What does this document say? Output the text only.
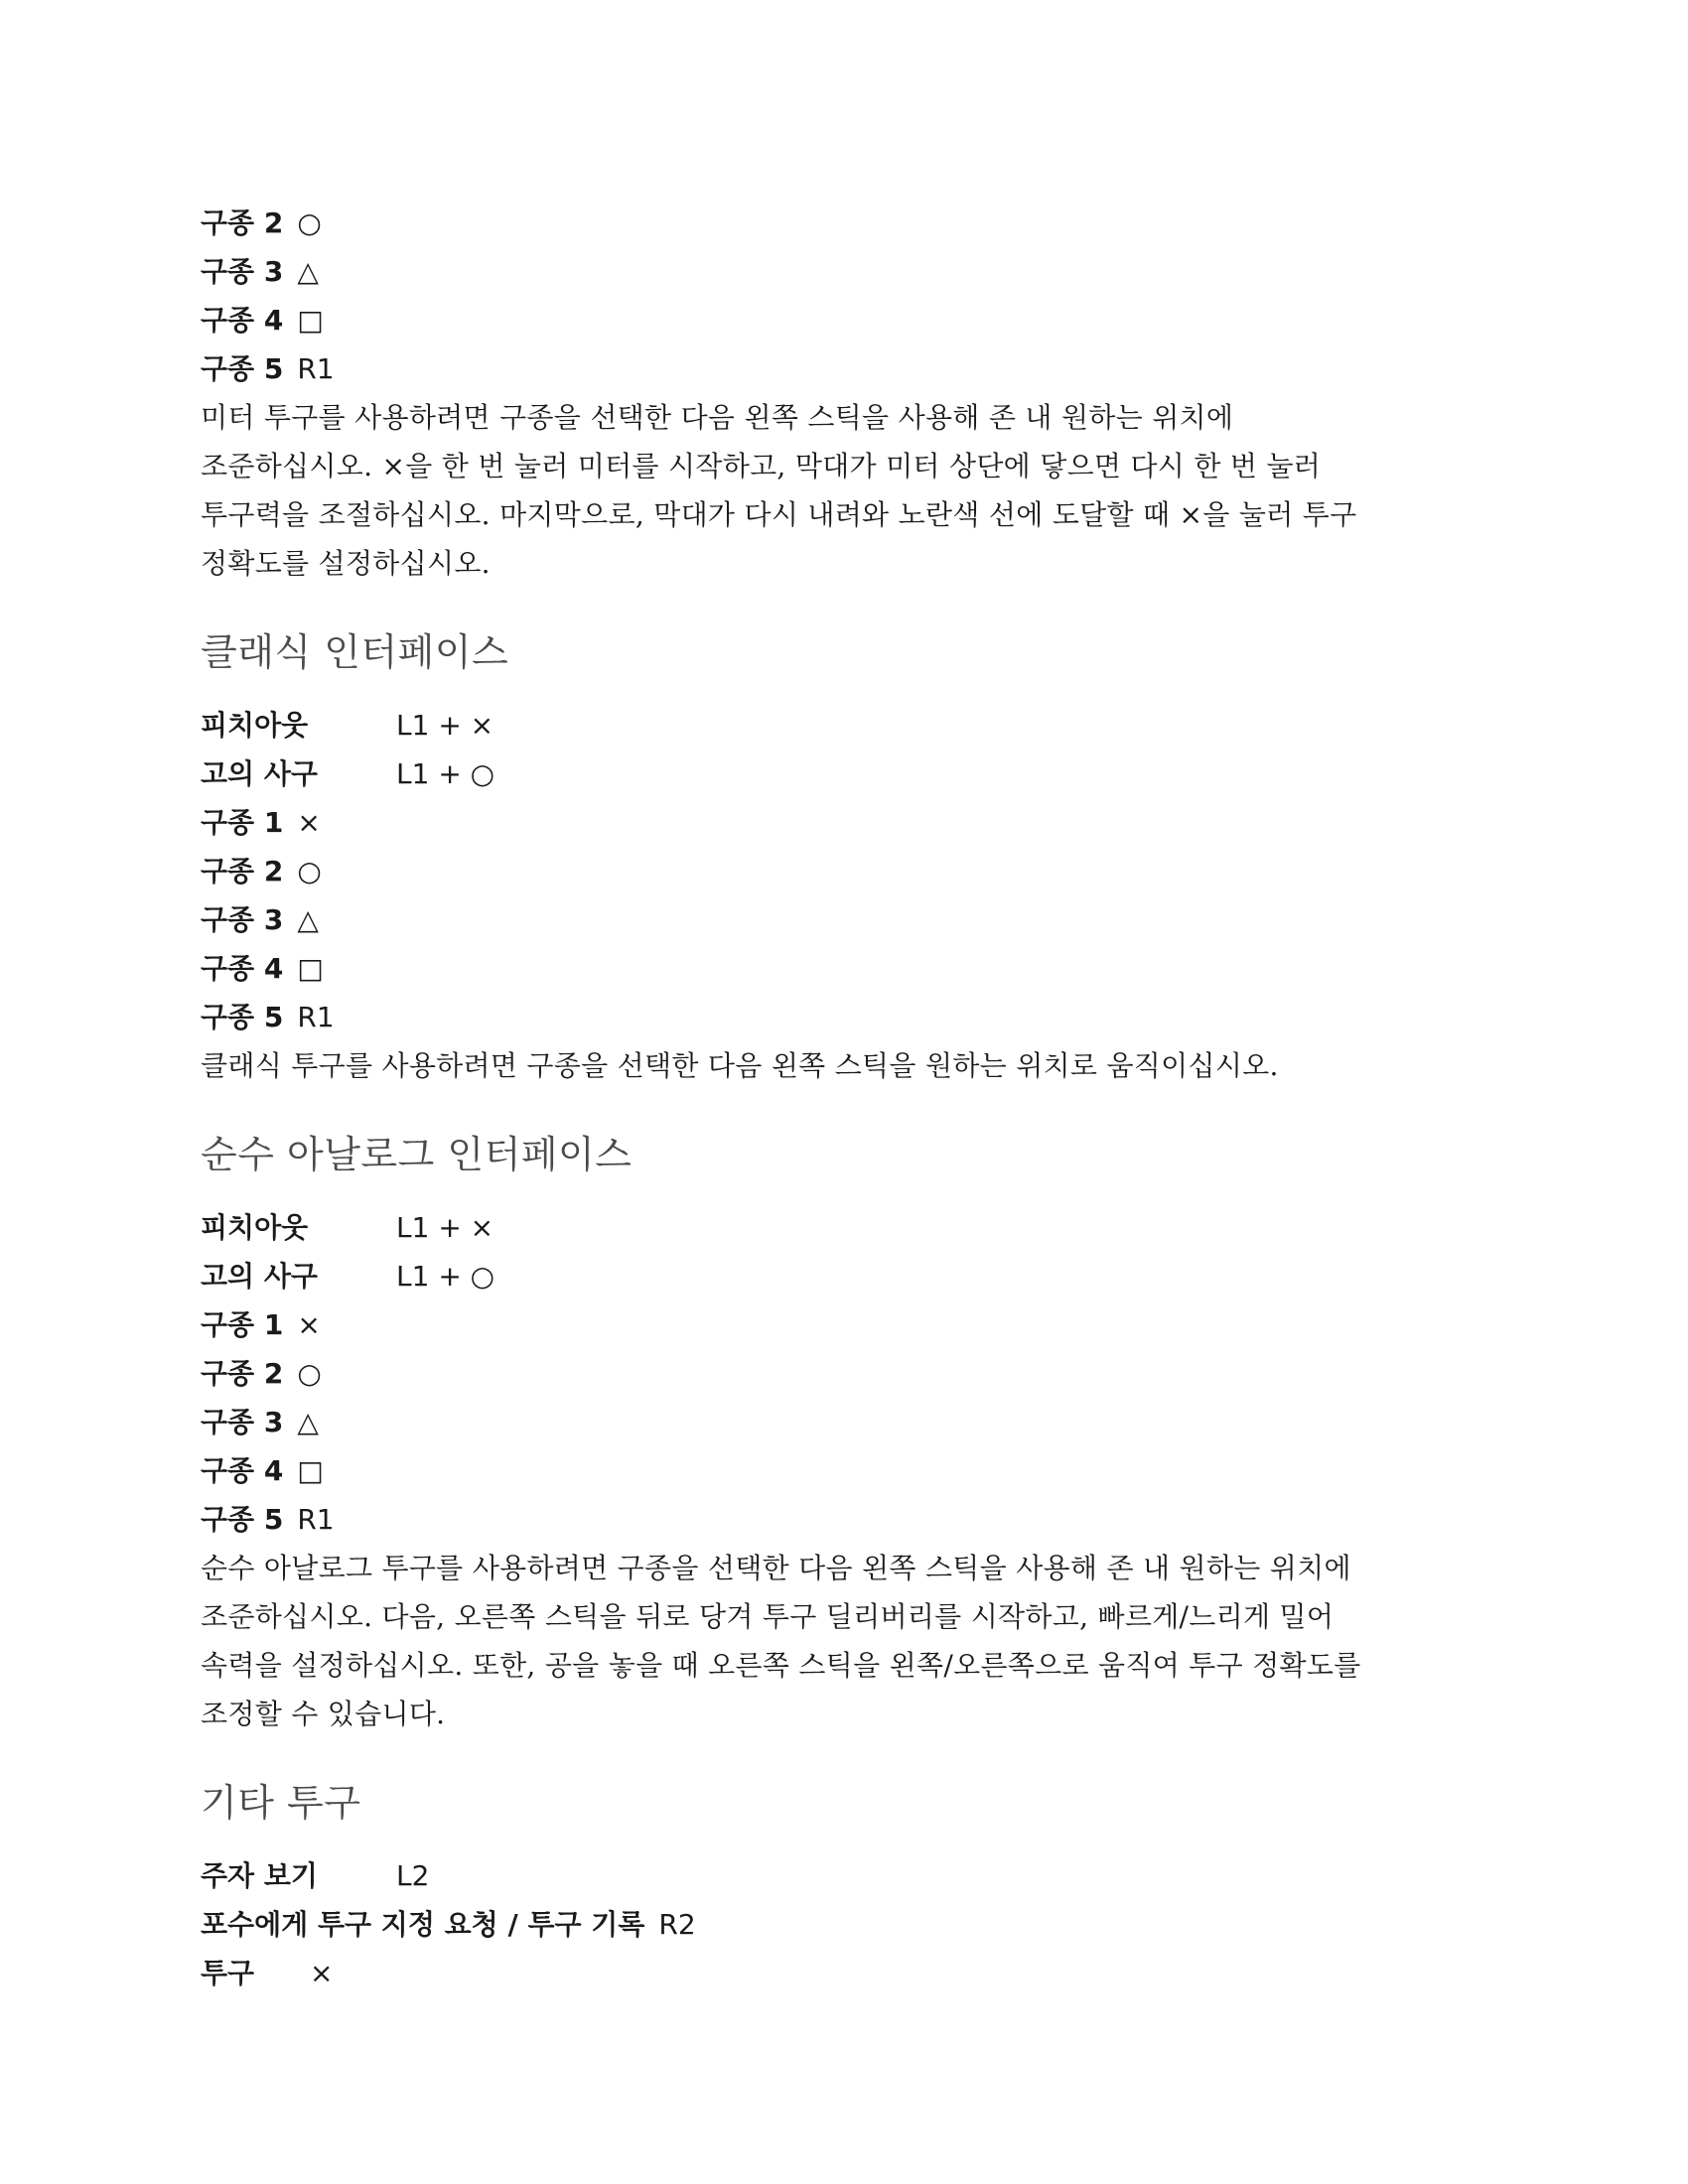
구종 2 ○
구종 3 △
구종 4 □
구종 5 R1

미터 투구를 사용하려면 구종을 선택한 다음 왼쪽 스틱을 사용해 존 내 원하는 위치에
조준하십시오. ×을 한 번 눌러 미터를 시작하고, 막대가 미터 상단에 닿으면 다시 한 번 눌러
투구력을 조절하십시오. 마지막으로, 막대가 다시 내려와 노란색 선에 도달할 때 ×을 눌러 투구
정확도를 설정하십시오.

클래식 인터페이스
피치아웃	L1 + ×
고의 사구	L1 + ○
구종 1 ×
구종 2 ○
구종 3 △
구종 4 □
구종 5 R1

클래식 투구를 사용하려면 구종을 선택한 다음 왼쪽 스틱을 원하는 위치로 움직이십시오.

순수 아날로그 인터페이스
피치아웃	L1 + ×
고의 사구	L1 + ○
구종 1 ×
구종 2 ○
구종 3 △
구종 4 □
구종 5 R1

순수 아날로그 투구를 사용하려면 구종을 선택한 다음 왼쪽 스틱을 사용해 존 내 원하는 위치에
조준하십시오. 다음, 오른쪽 스틱을 뒤로 당겨 투구 딜리버리를 시작하고, 빠르게/느리게 밀어
속력을 설정하십시오. 또한, 공을 놓을 때 오른쪽 스틱을 왼쪽/오른쪽으로 움직여 투구 정확도를
조정할 수 있습니다.

기타 투구
주자 보기	L2
포수에게 투구 지정 요청 / 투구 기록 R2
투구 ×
